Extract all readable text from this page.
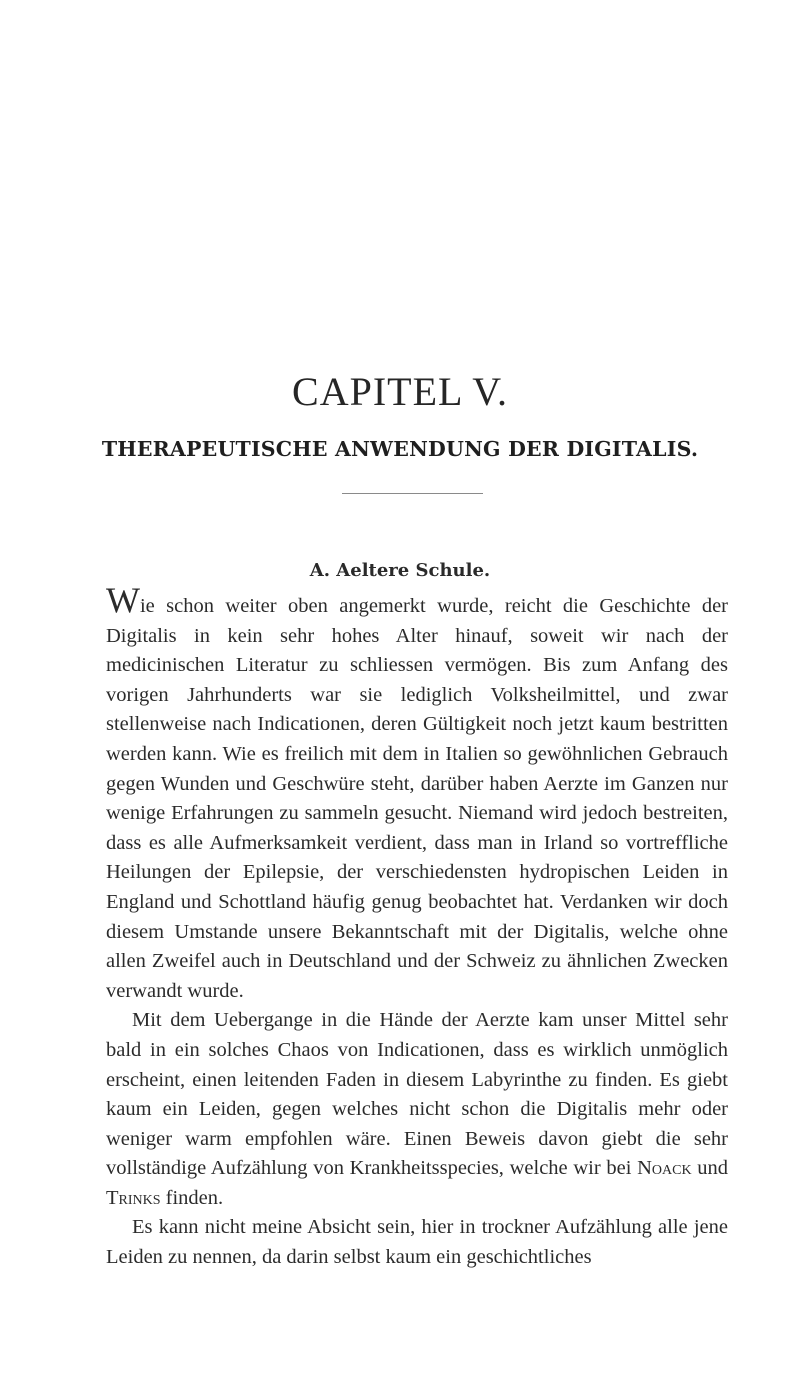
CAPITEL V.
THERAPEUTISCHE ANWENDUNG DER DIGITALIS.
A. Aeltere Schule.

Wie schon weiter oben angemerkt wurde, reicht die Geschichte der Digitalis in kein sehr hohes Alter hinauf, soweit wir nach der medicinischen Literatur zu schliessen vermögen. Bis zum Anfang des vorigen Jahrhunderts war sie lediglich Volksheilmittel, und zwar stellenweise nach Indicationen, deren Gültigkeit noch jetzt kaum bestritten werden kann. Wie es freilich mit dem in Italien so gewöhnlichen Gebrauch gegen Wunden und Geschwüre steht, darüber haben Aerzte im Ganzen nur wenige Erfahrungen zu sammeln gesucht. Niemand wird jedoch bestreiten, dass es alle Aufmerksamkeit verdient, dass man in Irland so vortreffliche Heilungen der Epilepsie, der verschiedensten hydropischen Leiden in England und Schottland häufig genug beobachtet hat. Verdanken wir doch diesem Umstande unsere Bekanntschaft mit der Digitalis, welche ohne allen Zweifel auch in Deutschland und der Schweiz zu ähnlichen Zwecken verwandt wurde.

Mit dem Uebergange in die Hände der Aerzte kam unser Mittel sehr bald in ein solches Chaos von Indicationen, dass es wirklich unmöglich erscheint, einen leitenden Faden in diesem Labyrinthe zu finden. Es giebt kaum ein Leiden, gegen welches nicht schon die Digitalis mehr oder weniger warm empfohlen wäre. Einen Beweis davon giebt die sehr vollständige Aufzählung von Krankheitsspecies, welche wir bei Noack und Trinks finden.

Es kann nicht meine Absicht sein, hier in trockner Aufzählung alle jene Leiden zu nennen, da darin selbst kaum ein geschichtliches
